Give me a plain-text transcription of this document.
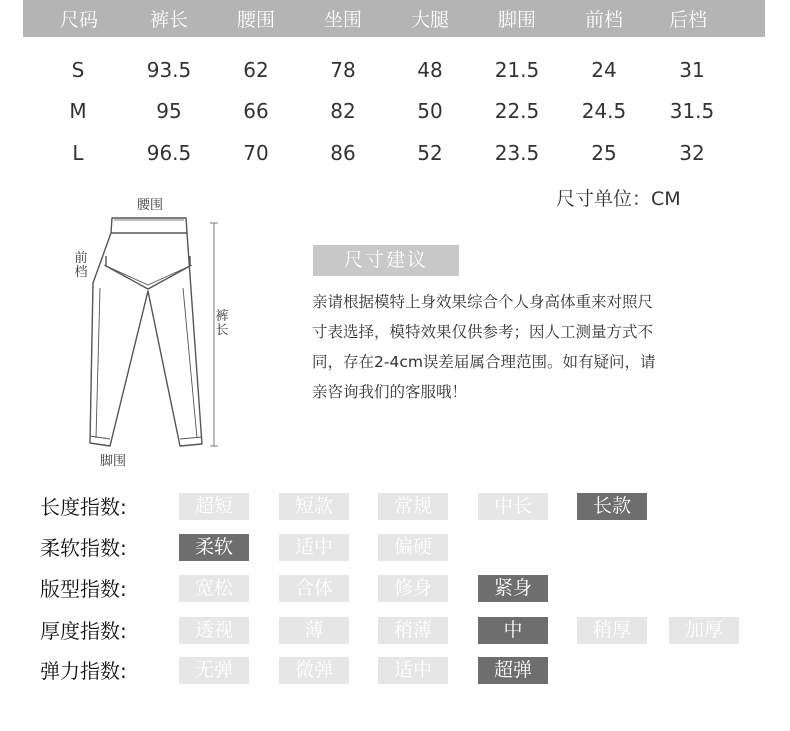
尺码	裤长	腰围	坐围	大腿	脚围	前档 后档
S	93.5	62	78	48	21.5	24	31
M	95	66	82	50	22.5 24.5 31.5
L	96.5	70	86	52	23.5	25	32
尺寸单位：CM
腰围
前档
裤长
脚围
尺寸建议
亲请根据模特上身效果综合个人身高体重来对照尺
寸表选择，模特效果仅供参考；因人工测量方式不
同，存在2-4cm误差届属合理范围。如有疑问，请
亲咨询我们的客服哦！
长度指数:	超短	短款	常规	中长	长款
柔软指数:	柔软	适中	偏硬
版型指数:	宽松	合体	修身	紧身
厚度指数:	透视	薄	稍薄	中	稍厚	加厚
弹力指数:	无弹	微弹	适中	超弹
